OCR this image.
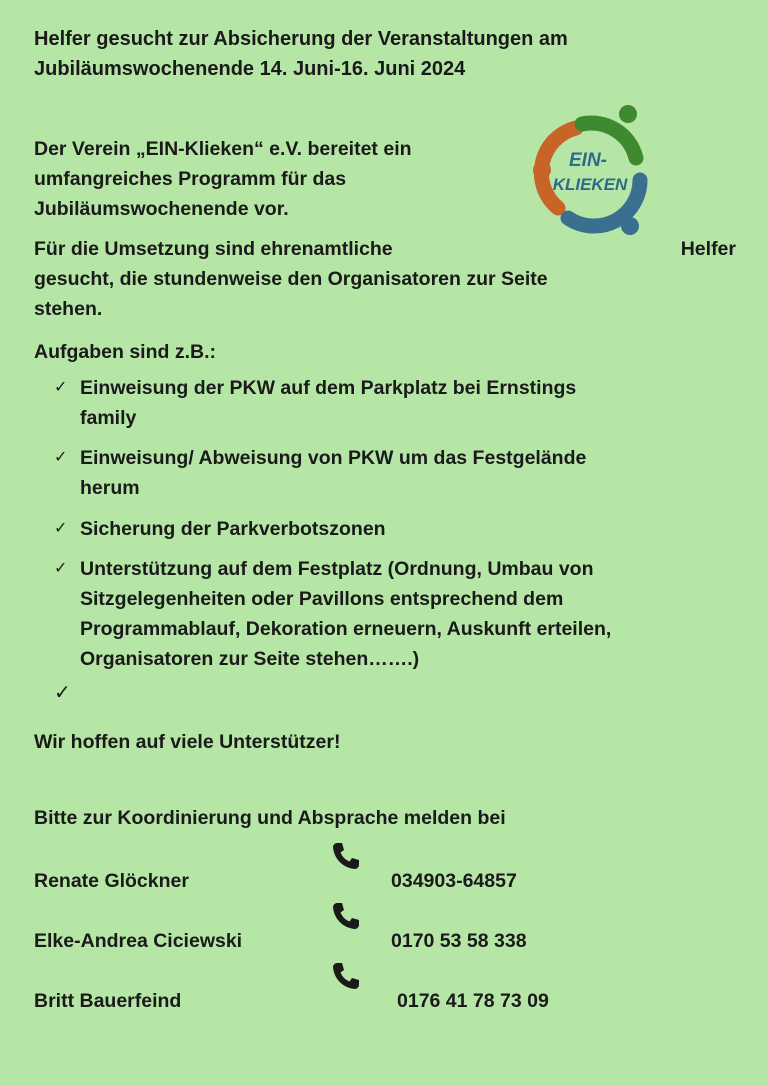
Helfer gesucht zur Absicherung der Veranstaltungen am
Jubiläumswochenende 14. Juni-16. Juni 2024

Der Verein „EIN-Klieken“ e.V. bereitet ein
umfangreiches Programm für das
Jubiläumswochenende vor.

EIN-
KLIEKEN
Für die Umsetzung sind ehrenamtliche	Helfer

gesucht, die stundenweise den Organisatoren zur Seite
stehen.

Aufgaben sind z.B.:

✓ Einweisung der PKW auf dem Parkplatz bei Ernstings
family
✓ Einweisung/ Abweisung von PKW um das Festgelände
herum
✓ Sicherung der Parkverbotszonen
✓ Unterstützung auf dem Festplatz (Ordnung, Umbau von
Sitzgelegenheiten oder Pavillons entsprechend dem
Programmablauf, Dekoration erneuern, Auskunft erteilen,
Organisatoren zur Seite stehen…….)
✓

Wir hoffen auf viele Unterstützer!

Bitte zur Koordinierung und Absprache melden bei

Renate Glöckner	034903-64857
Elke-Andrea Ciciewski	0170 53 58 338
Britt Bauerfeind	0176 41 78 73 09
